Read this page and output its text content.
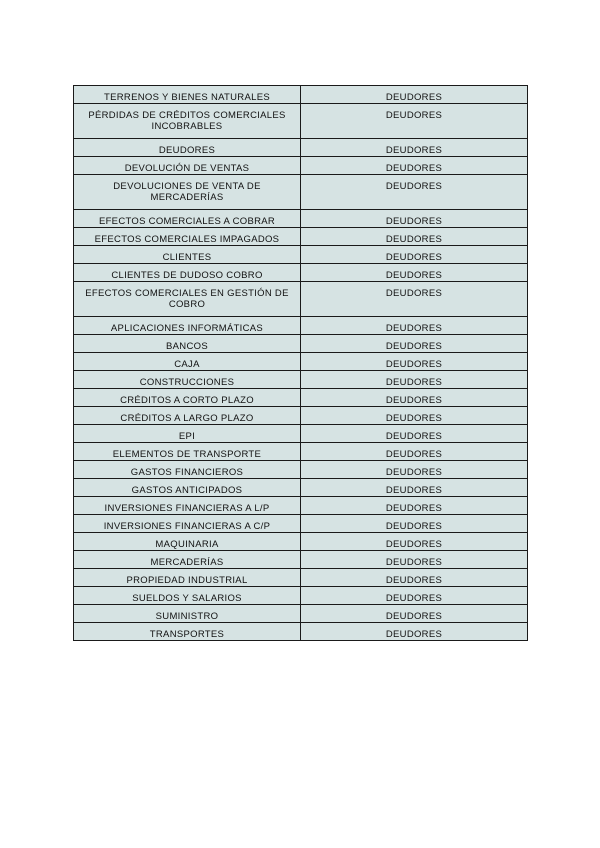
TERRENOS Y BIENES NATURALES	DEUDORES
PÉRDIDAS DE CRÉDITOS COMERCIALES INCOBRABLES	DEUDORES
DEUDORES	DEUDORES
DEVOLUCIÓN DE VENTAS	DEUDORES
DEVOLUCIONES DE VENTA DE MERCADERÍAS	DEUDORES
EFECTOS COMERCIALES A COBRAR	DEUDORES
EFECTOS COMERCIALES IMPAGADOS	DEUDORES
CLIENTES	DEUDORES
CLIENTES DE DUDOSO COBRO	DEUDORES
EFECTOS COMERCIALES EN GESTIÓN DE COBRO	DEUDORES
APLICACIONES INFORMÁTICAS	DEUDORES
BANCOS	DEUDORES
CAJA	DEUDORES
CONSTRUCCIONES	DEUDORES
CRÉDITOS A CORTO PLAZO	DEUDORES
CRÉDITOS A LARGO PLAZO	DEUDORES
EPI	DEUDORES
ELEMENTOS DE TRANSPORTE	DEUDORES
GASTOS FINANCIEROS	DEUDORES
GASTOS ANTICIPADOS	DEUDORES
INVERSIONES FINANCIERAS A L/P	DEUDORES
INVERSIONES FINANCIERAS A C/P	DEUDORES
MAQUINARIA	DEUDORES
MERCADERÍAS	DEUDORES
PROPIEDAD INDUSTRIAL	DEUDORES
SUELDOS Y SALARIOS	DEUDORES
SUMINISTRO	DEUDORES
TRANSPORTES	DEUDORES
